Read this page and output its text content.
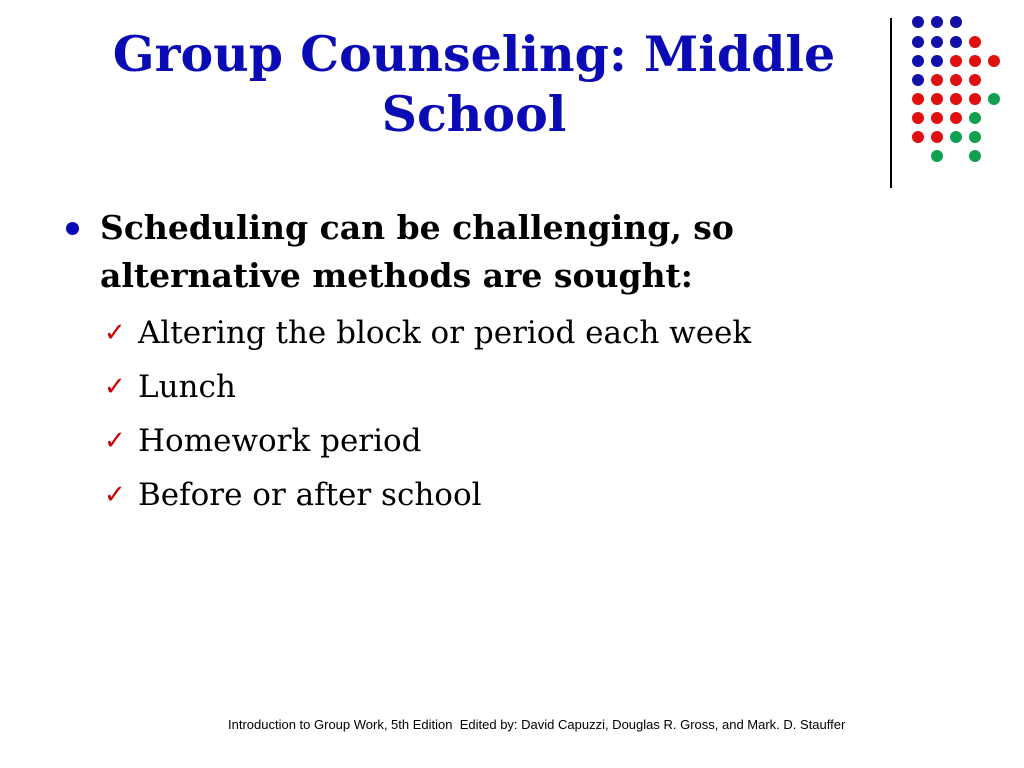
Group Counseling: Middle School

Scheduling can be challenging, so alternative methods are sought:

✓ Altering the block or period each week
✓ Lunch
✓ Homework period
✓ Before or after school
Introduction to Group Work, 5th Edition  Edited by: David Capuzzi, Douglas R. Gross, and Mark. D. Stauffer
